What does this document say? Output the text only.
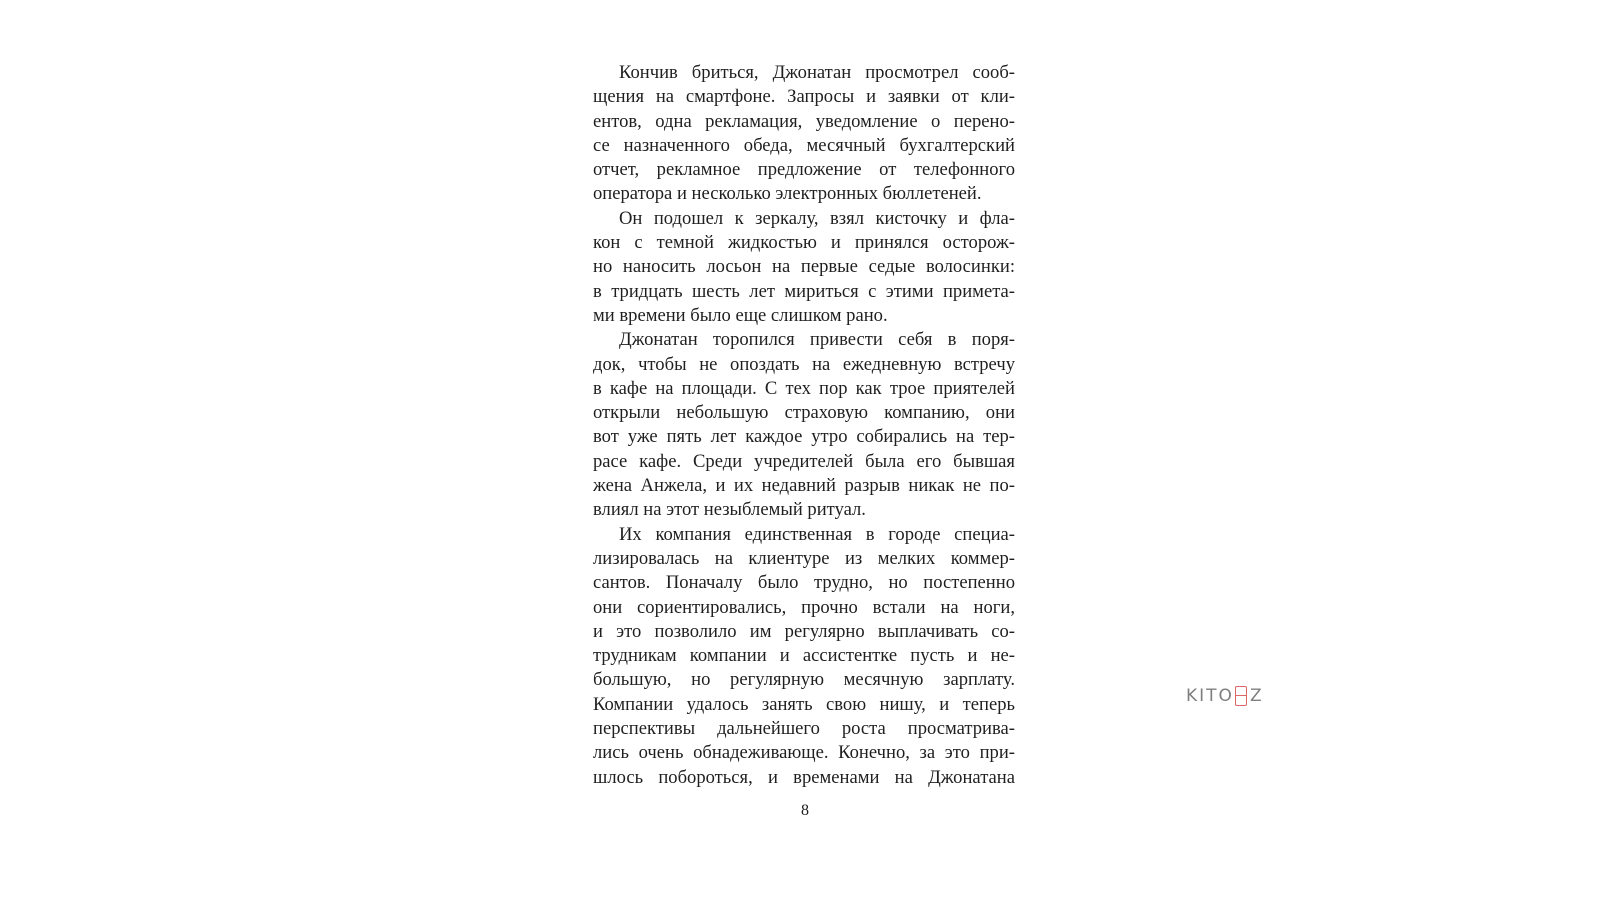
Кончив бриться, Джонатан просмотрел сооб-
щения на смартфоне. Запросы и заявки от кли-
ентов, одна рекламация, уведомление о перено-
се назначенного обеда, месячный бухгалтерский
отчет, рекламное предложение от телефонного
оператора и несколько электронных бюллетеней.
Он подошел к зеркалу, взял кисточку и фла-
кон с темной жидкостью и принялся осторож-
но наносить лосьон на первые седые волосинки:
в тридцать шесть лет мириться с этими примета-
ми времени было еще слишком рано.
Джонатан торопился привести себя в поря-
док, чтобы не опоздать на ежедневную встречу
в кафе на площади. С тех пор как трое приятелей
открыли небольшую страховую компанию, они
вот уже пять лет каждое утро собирались на тер-
расе кафе. Среди учредителей была его бывшая
жена Анжела, и их недавний разрыв никак не по-
влиял на этот незыблемый ритуал.
Их компания единственная в городе специа-
лизировалась на клиентуре из мелких коммер-
сантов. Поначалу было трудно, но постепенно
они сориентировались, прочно встали на ноги,
и это позволило им регулярно выплачивать со-
трудникам компании и ассистентке пусть и не-
большую, но регулярную месячную зарплату.
Компании удалось занять свою нишу, и теперь
перспективы дальнейшего роста просматрива-
лись очень обнадеживающе. Конечно, за это при-
шлось побороться, и временами на Джонатана
8
KITO Z
